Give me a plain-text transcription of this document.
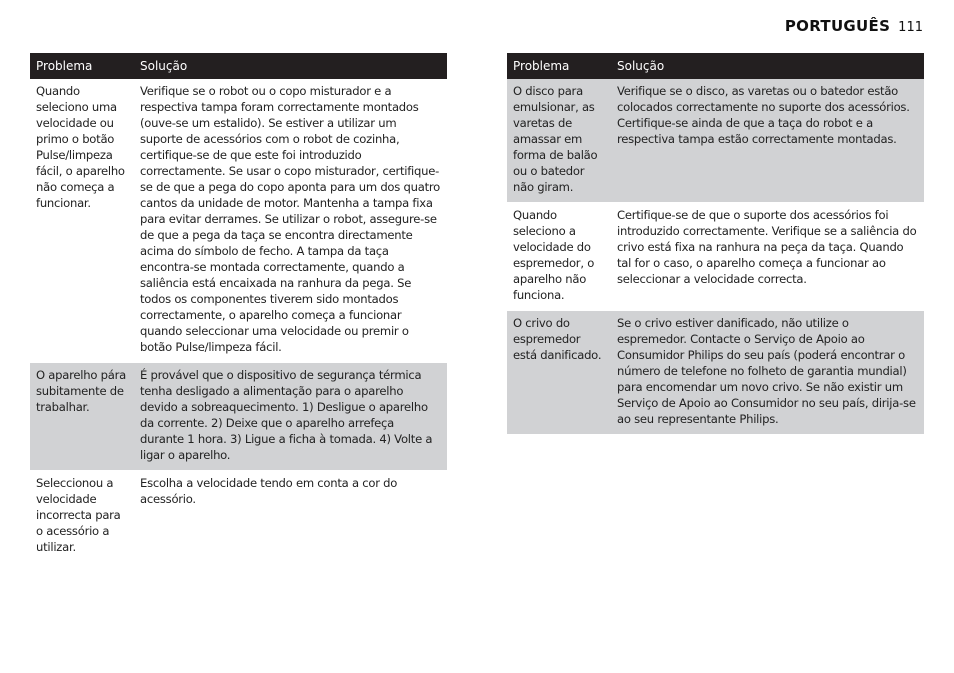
PORTUGUÊS 111
Problema	Solução
Quando seleciono uma velocidade ou primo o botão Pulse/limpeza fácil, o aparelho não começa a funcionar.	Verifique se o robot ou o copo misturador e a respectiva tampa foram correctamente montados (ouve-se um estalido). Se estiver a utilizar um suporte de acessórios com o robot de cozinha, certifique-se de que este foi introduzido correctamente. Se usar o copo misturador, certifique-se de que a pega do copo aponta para um dos quatro cantos da unidade de motor. Mantenha a tampa fixa para evitar derrames. Se utilizar o robot, assegure-se de que a pega da taça se encontra directamente acima do símbolo de fecho. A tampa da taça encontra-se montada correctamente, quando a saliência está encaixada na ranhura da pega. Se todos os componentes tiverem sido montados correctamente, o aparelho começa a funcionar quando seleccionar uma velocidade ou premir o botão Pulse/limpeza fácil.
O aparelho pára subitamente de trabalhar.	É provável que o dispositivo de segurança térmica tenha desligado a alimentação para o aparelho devido a sobreaquecimento. 1) Desligue o aparelho da corrente. 2) Deixe que o aparelho arrefeça durante 1 hora. 3) Ligue a ficha à tomada. 4) Volte a ligar o aparelho.
Seleccionou a velocidade incorrecta para o acessório a utilizar.	Escolha a velocidade tendo em conta a cor do acessório.
Problema	Solução
O disco para emulsionar, as varetas de amassar em forma de balão ou o batedor não giram.	Verifique se o disco, as varetas ou o batedor estão colocados correctamente no suporte dos acessórios. Certifique-se ainda de que a taça do robot e a respectiva tampa estão correctamente montadas.
Quando seleciono a velocidade do espremedor, o aparelho não funciona.	Certifique-se de que o suporte dos acessórios foi introduzido correctamente. Verifique se a saliência do crivo está fixa na ranhura na peça da taça. Quando tal for o caso, o aparelho começa a funcionar ao seleccionar a velocidade correcta.
O crivo do espremedor está danificado.	Se o crivo estiver danificado, não utilize o espremedor. Contacte o Serviço de Apoio ao Consumidor Philips do seu país (poderá encontrar o número de telefone no folheto de garantia mundial) para encomendar um novo crivo. Se não existir um Serviço de Apoio ao Consumidor no seu país, dirija-se ao seu representante Philips.
